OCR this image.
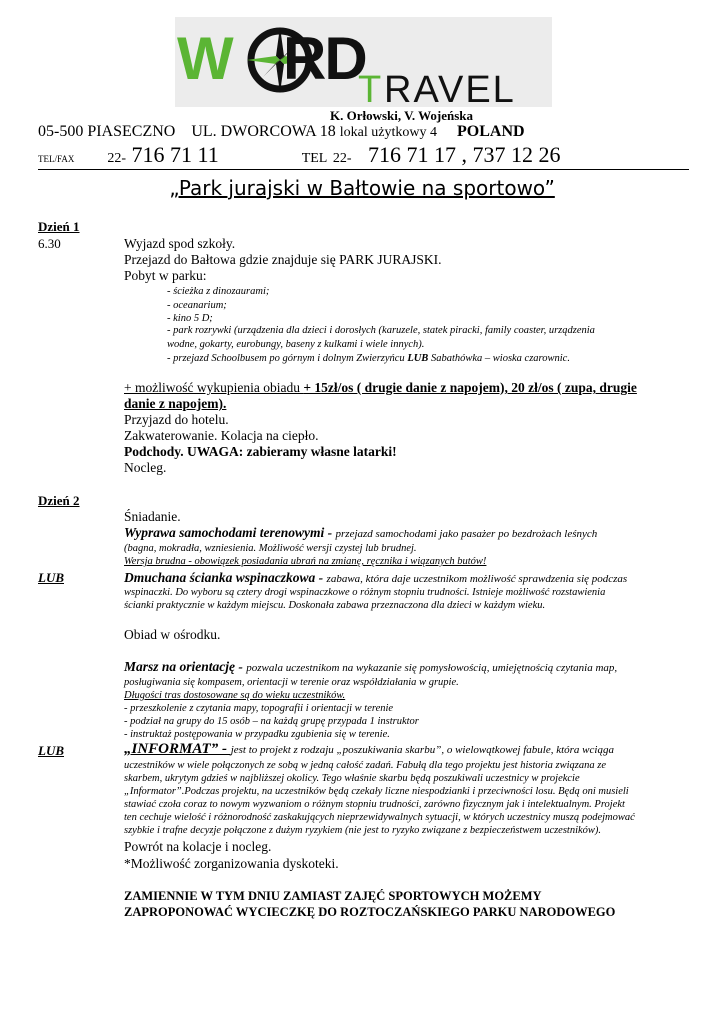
W RD
T RAVEL
K. Orłowski, V. Wojeńska
05-500 PIASECZNO UL. DWORCOWA 18 lokal użytkowy 4 POLAND
TEL/FAX 22- 716 71 11	TEL 22- 716 71 17 , 737 12 26
„Park jurajski w Bałtowie na sportowo”
Dzień 1
6.30	Wyjazd spod szkoły.
Przejazd do Bałtowa gdzie znajduje się PARK JURAJSKI.
Pobyt w parku:
- ścieżka z dinozaurami;
- oceanarium;
- kino 5 D;
- park rozrywki (urządzenia dla dzieci i dorosłych (karuzele, statek piracki, family coaster, urządzenia
wodne, gokarty, eurobungy, baseny z kulkami i wiele innych).
- przejazd Schoolbusem po górnym i dolnym Zwierzyńcu LUB Sabathówka – wioska czarownic.
+ możliwość wykupienia obiadu + 15zł/os ( drugie danie z napojem), 20 zł/os ( zupa, drugie
danie z napojem).
Przyjazd do hotelu.
Zakwaterowanie. Kolacja na ciepło.
Podchody. UWAGA: zabieramy własne latarki!
Nocleg.
Dzień 2
Śniadanie.
Wyprawa samochodami terenowymi - przejazd samochodami jako pasażer po bezdrożach leśnych
(bagna, mokradła, wzniesienia. Możliwość wersji czystej lub brudnej.
Wersja brudna - obowiązek posiadania ubrań na zmianę, ręcznika i wiązanych butów!
LUB	Dmuchana ścianka wspinaczkowa - zabawa, która daje uczestnikom możliwość sprawdzenia się podczas
wspinaczki. Do wyboru są cztery drogi wspinaczkowe o różnym stopniu trudności. Istnieje możliwość rozstawienia
ścianki praktycznie w każdym miejscu. Doskonała zabawa przeznaczona dla dzieci w każdym wieku.
Obiad w ośrodku.
Marsz na orientację - pozwala uczestnikom na wykazanie się pomysłowością, umiejętnością czytania map,
posługiwania się kompasem, orientacji w terenie oraz współdziałania w grupie.
Długości tras dostosowane są do wieku uczestników.
- przeszkolenie z czytania mapy, topografii i orientacji w terenie
- podział na grupy do 15 osób – na każdą grupę przypada 1 instruktor
- instruktaż postępowania w przypadku zgubienia się w terenie.
LUB	„INFORMAT” - jest to projekt z rodzaju „poszukiwania skarbu”, o wielowątkowej fabule, która wciąga
uczestników w wiele połączonych ze sobą w jedną całość zadań. Fabułą dla tego projektu jest historia związana ze
skarbem, ukrytym gdzieś w najbliższej okolicy. Tego właśnie skarbu będą poszukiwali uczestnicy w projekcie
„Informator”.Podczas projektu, na uczestników będą czekały liczne niespodzianki i przeciwności losu. Będą oni musieli
stawiać czoła coraz to nowym wyzwaniom o różnym stopniu trudności, zarówno fizycznym jak i intelektualnym. Projekt
ten cechuje wielość i różnorodność zaskakujących nieprzewidywalnych sytuacji, w których uczestnicy muszą podejmować
szybkie i trafne decyzje połączone z dużym ryzykiem (nie jest to ryzyko związane z bezpieczeństwem uczestników).
Powrót na kolacje i nocleg.
*Możliwość zorganizowania dyskoteki.
ZAMIENNIE W TYM DNIU ZAMIAST ZAJĘĆ SPORTOWYCH MOŻEMY
ZAPROPONOWAĆ WYCIECZKĘ DO ROZTOCZAŃSKIEGO PARKU NARODOWEGO
